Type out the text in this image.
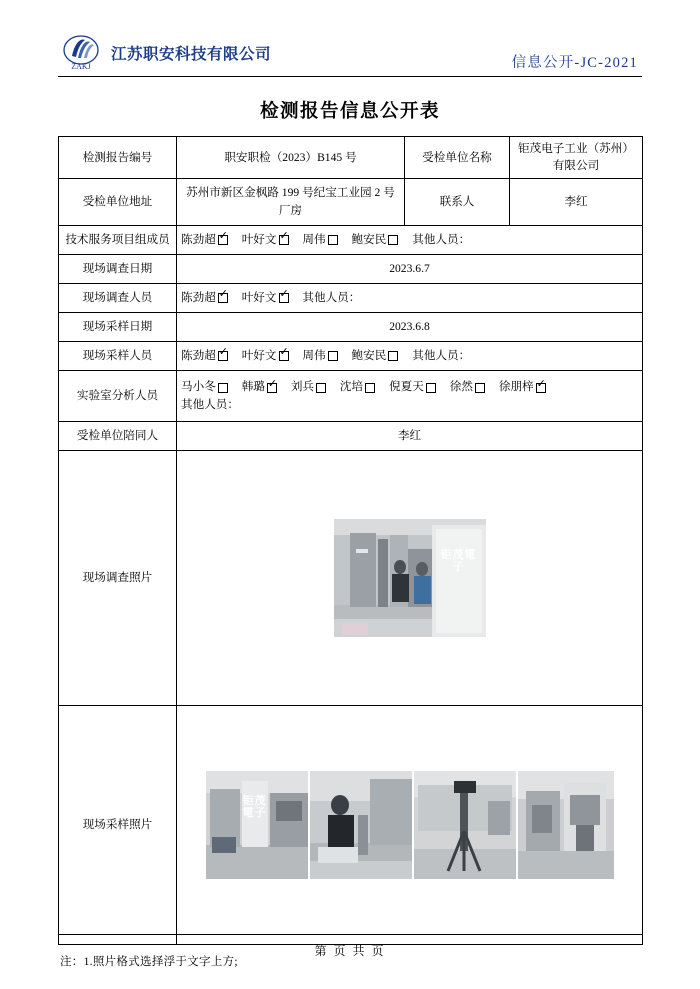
ZAKJ
江苏职安科技有限公司	信息公开-JC-2021
检测报告信息公开表
检测报告编号	职安职检（2023）B145 号	受检单位名称	钜茂电子工业（苏州）有限公司
受检单位地址	苏州市新区金枫路 199 号纪宝工业园 2 号厂房	联系人	李红
技术服务项目组成员	陈劲超 ✓ 叶好文 ✓ 周伟 鲍安民 其他人员：
现场调查日期	2023.6.7		
现场调查人员	陈劲超 ✓ 叶好文 ✓ 其他人员：
现场采样日期	2023.6.8		
现场采样人员	陈劲超 ✓ 叶好文 ✓ 周伟 鲍安民 其他人员：
实验室分析人员	马小冬 韩璐 ✓ 刘兵 沈培 倪夏天 徐然 徐朋梓✓
其他人员：

受检单位陪同人	李红		
现场调查照片	钜茂電子		

现场采样照片	钜茂電子		
注：1.照片格式选择浮于文字上方;
第 页 共 页
